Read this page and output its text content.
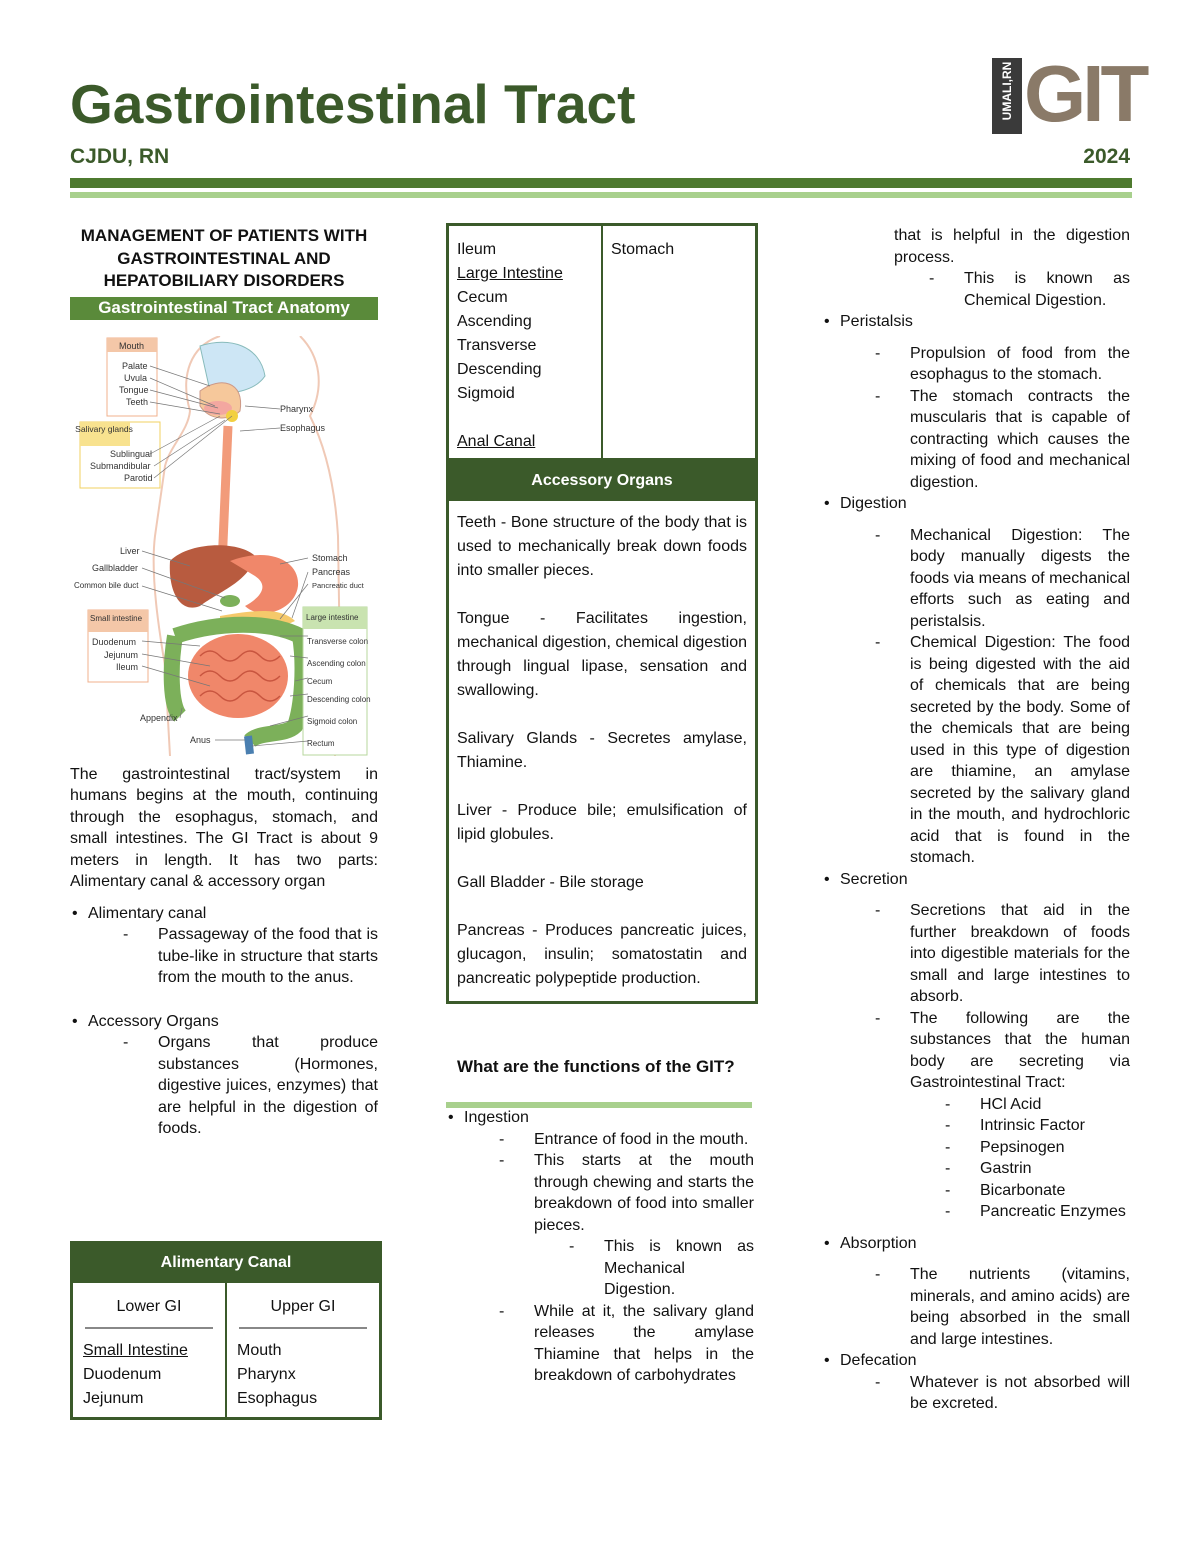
Gastrointestinal Tract
CJDU, RN	2024
UMALI,RN GIT
MANAGEMENT OF PATIENTS WITH GASTROINTESTINAL AND HEPATOBILIARY DISORDERS
Gastrointestinal Tract Anatomy
Mouth
Palate
Uvula
Tongue
Teeth
Salivary glands
Sublingual
Submandibular
Parotid
Pharynx
Esophagus
Liver
Gallbladder
Common bile duct
Small intestine
Duodenum
Jejunum
Ileum
Appendix
Anus
Stomach
Pancreas
Pancreatic duct
Large intestine
Transverse colon
Ascending colon
Cecum
Descending colon
Sigmoid colon
Rectum
The gastrointestinal tract/system in humans begins at the mouth, continuing through the esophagus, stomach, and small intestines. The GI Tract is about 9 meters in length. It has two parts: Alimentary canal & accessory organ
• Alimentary canal
- Passageway of the food that is tube-like in structure that starts from the mouth to the anus.
• Accessory Organs
- Organs that produce substances (Hormones, digestive juices, enzymes) that are helpful in the digestion of foods.
Alimentary Canal
Lower GI
Small Intestine
Duodenum
Jejunum
Upper GI
Mouth
Pharynx
Esophagus
Ileum
Large Intestine
Cecum
Ascending
Transverse
Descending
Sigmoid
Anal Canal
Stomach
Accessory Organs

Teeth - Bone structure of the body that is used to mechanically break down foods into smaller pieces.

Tongue - Facilitates ingestion, mechanical digestion, chemical digestion through lingual lipase, sensation and swallowing.

Salivary Glands - Secretes amylase, Thiamine.

Liver - Produce bile; emulsification of lipid globules.

Gall Bladder - Bile storage

Pancreas - Produces pancreatic juices, glucagon, insulin; somatostatin and pancreatic polypeptide production.

What are the functions of the GIT?
• Ingestion
- Entrance of food in the mouth.
- This starts at the mouth through chewing and starts the breakdown of food into smaller pieces.
- This is known as Mechanical Digestion.
- While at it, the salivary gland releases the amylase Thiamine that helps in the breakdown of carbohydrates
that is helpful in the digestion process.
- This is known as Chemical Digestion.
• Peristalsis
- Propulsion of food from the esophagus to the stomach.
- The stomach contracts the muscularis that is capable of contracting which causes the mixing of food and mechanical digestion.
• Digestion
- Mechanical Digestion: The body manually digests the foods via means of mechanical efforts such as eating and peristalsis.
- Chemical Digestion: The food is being digested with the aid of chemicals that are being secreted by the body. Some of the chemicals that are being used in this type of digestion are thiamine, an amylase secreted by the salivary gland in the mouth, and hydrochloric acid that is found in the stomach.
• Secretion
- Secretions that aid in the further breakdown of foods into digestible materials for the small and large intestines to absorb.
- The following are the substances that the human body are secreting via Gastrointestinal Tract:
- HCl Acid
- Intrinsic Factor
- Pepsinogen
- Gastrin
- Bicarbonate
- Pancreatic Enzymes
• Absorption
- The nutrients (vitamins, minerals, and amino acids) are being absorbed in the small and large intestines.
• Defecation
- Whatever is not absorbed will be excreted.
